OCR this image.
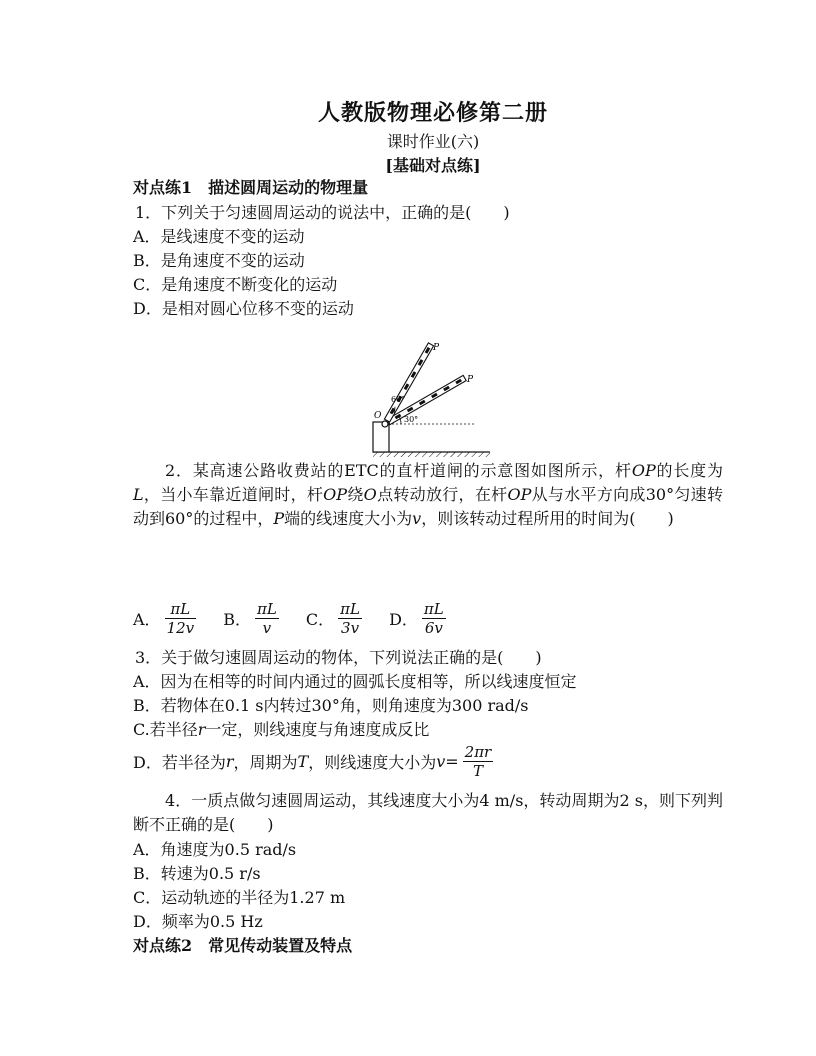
人教版物理必修第二册
课时作业(六)
[基础对点练]
对点练1　描述圆周运动的物理量
1．下列关于匀速圆周运动的说法中，正确的是(　　)
A．是线速度不变的运动
B．是角速度不变的运动
C．是角速度不断变化的运动
D．是相对圆心位移不变的运动
30°
60°
O
P
P
2．某高速公路收费站的ETC的直杆道闸的示意图如图所示，杆OP的长度为L，当小车靠近道闸时，杆OP绕O点转动放行，在杆OP从与水平方向成30°匀速转动到60°的过程中，P端的线速度大小为v，则该转动过程所用的时间为(　　)
A． $\frac{\pi L}{12v}$ B． $\frac{\pi L}{v}$ C． $\frac{\pi L}{3v}$ D． $\frac{\pi L}{6v}$
3．关于做匀速圆周运动的物体，下列说法正确的是(　　)
A．因为在相等的时间内通过的圆弧长度相等，所以线速度恒定
B．若物体在0.1 s内转过30°角，则角速度为300 rad/s
C.若半径r一定，则线速度与角速度成反比
D．若半径为r，周期为T，则线速度大小为$v= \frac{2\pi r}{T}$
4．一质点做匀速圆周运动，其线速度大小为4 m/s，转动周期为2 s，则下列判断不正确的是(　　)
A．角速度为0.5 rad/s
B．转速为0.5 r/s
C．运动轨迹的半径为1.27 m
D．频率为0.5 Hz
对点练2　常见传动装置及特点
